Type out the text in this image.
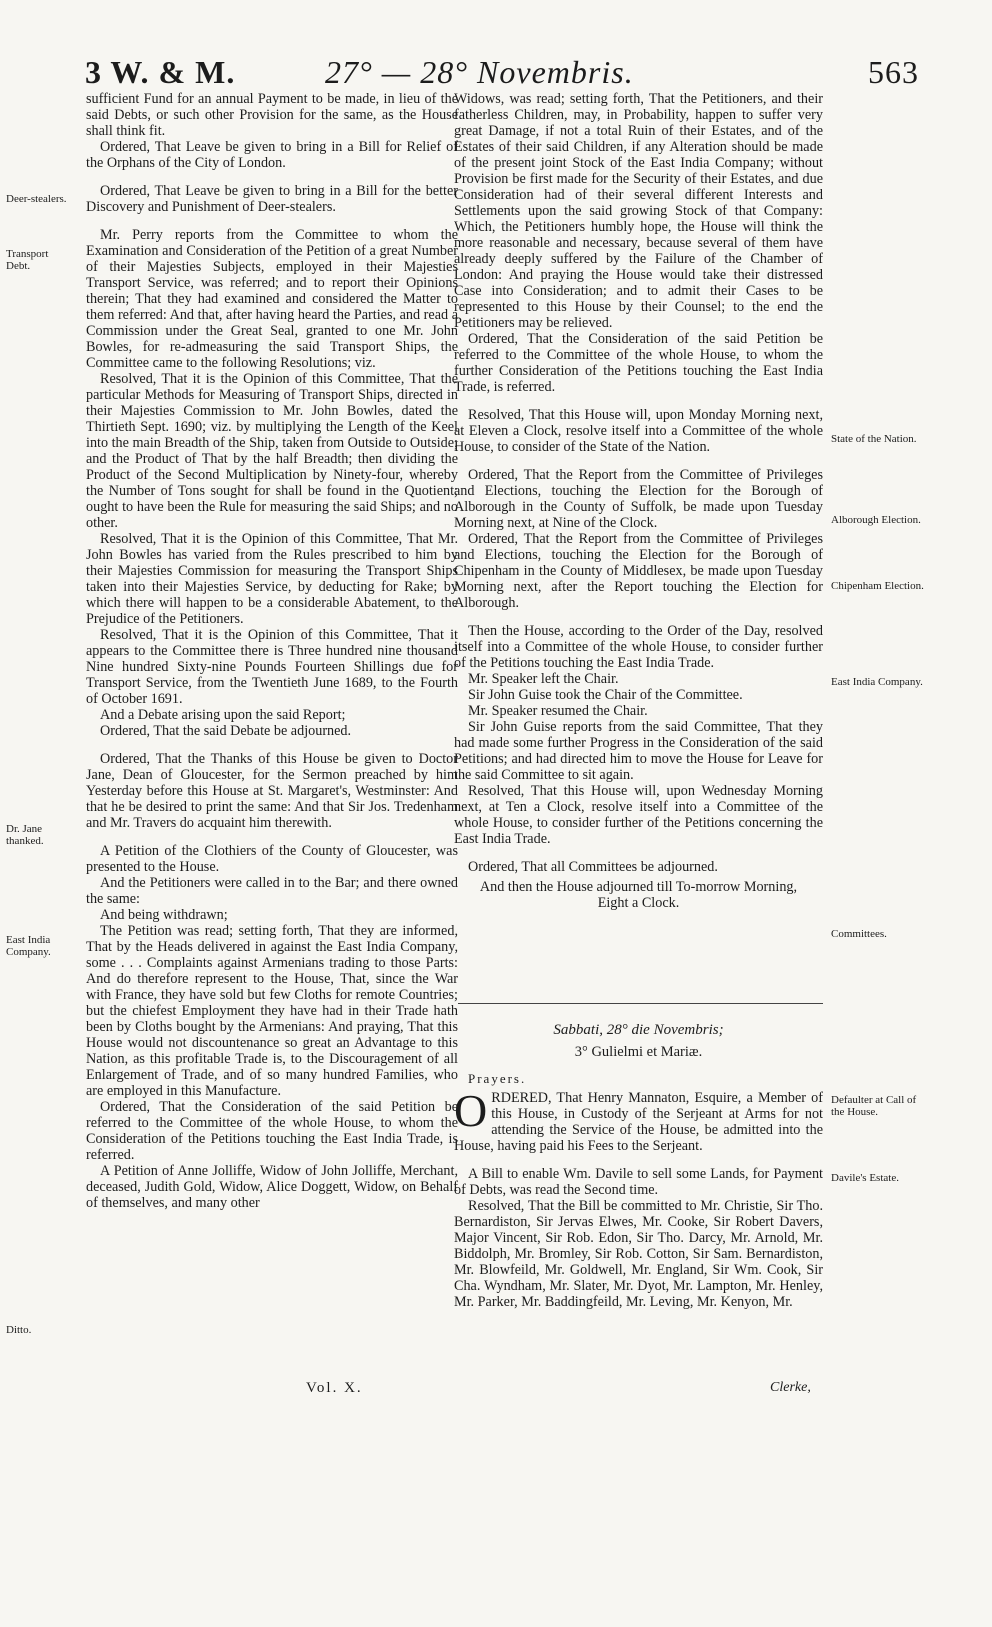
3 W. & M.	27° — 28° Novembris.	563
Deer-stealers.
Transport Debt.
Dr. Jane thanked.
East India Company.
Ditto.
State of the Nation.
Alborough Election.
Chipenham Election.
East India Company.
Committees.
Defaulter at Call of the House.
Davile's Estate.

sufficient Fund for an annual Payment to be made, in lieu of the said Debts, or such other Provision for the same, as the House shall think fit.

Ordered, That Leave be given to bring in a Bill for Relief of the Orphans of the City of London.

Ordered, That Leave be given to bring in a Bill for the better Discovery and Punishment of Deer-stealers.

Mr. Perry reports from the Committee to whom the Examination and Consideration of the Petition of a great Number of their Majesties Subjects, employed in their Majesties Transport Service, was referred; and to report their Opinions therein; That they had examined and considered the Matter to them referred: And that, after having heard the Parties, and read a Commission under the Great Seal, granted to one Mr. John Bowles, for re-admeasuring the said Transport Ships, the Committee came to the following Resolutions; viz.

Resolved, That it is the Opinion of this Committee, That the particular Methods for Measuring of Transport Ships, directed in their Majesties Commission to Mr. John Bowles, dated the Thirtieth Sept. 1690; viz. by multiplying the Length of the Keel into the main Breadth of the Ship, taken from Outside to Outside; and the Product of That by the half Breadth; then dividing the Product of the Second Multiplication by Ninety-four, whereby the Number of Tons sought for shall be found in the Quotient; ought to have been the Rule for measuring the said Ships; and no other.

Resolved, That it is the Opinion of this Committee, That Mr. John Bowles has varied from the Rules prescribed to him by their Majesties Commission for measuring the Transport Ships taken into their Majesties Service, by deducting for Rake; by which there will happen to be a considerable Abatement, to the Prejudice of the Petitioners.

Resolved, That it is the Opinion of this Committee, That it appears to the Committee there is Three hundred nine thousand Nine hundred Sixty-nine Pounds Fourteen Shillings due for Transport Service, from the Twentieth June 1689, to the Fourth of October 1691.

And a Debate arising upon the said Report;

Ordered, That the said Debate be adjourned.

Ordered, That the Thanks of this House be given to Doctor Jane, Dean of Gloucester, for the Sermon preached by him Yesterday before this House at St. Margaret's, Westminster: And that he be desired to print the same: And that Sir Jos. Tredenham and Mr. Travers do acquaint him therewith.

A Petition of the Clothiers of the County of Gloucester, was presented to the House.

And the Petitioners were called in to the Bar; and there owned the same:

And being withdrawn;

The Petition was read; setting forth, That they are informed, That by the Heads delivered in against the East India Company, some . . . Complaints against Armenians trading to those Parts: And do therefore represent to the House, That, since the War with France, they have sold but few Cloths for remote Countries; but the chiefest Employment they have had in their Trade hath been by Cloths bought by the Armenians: And praying, That this House would not discountenance so great an Advantage to this Nation, as this profitable Trade is, to the Discouragement of all Enlargement of Trade, and of so many hundred Families, who are employed in this Manufacture.

Ordered, That the Consideration of the said Petition be referred to the Committee of the whole House, to whom the Consideration of the Petitions touching the East India Trade, is referred.

A Petition of Anne Jolliffe, Widow of John Jolliffe, Merchant, deceased, Judith Gold, Widow, Alice Doggett, Widow, on Behalf of themselves, and many other

Widows, was read; setting forth, That the Petitioners, and their fatherless Children, may, in Probability, happen to suffer very great Damage, if not a total Ruin of their Estates, and of the Estates of their said Children, if any Alteration should be made of the present joint Stock of the East India Company; without Provision be first made for the Security of their Estates, and due Consideration had of their several different Interests and Settlements upon the said growing Stock of that Company: Which, the Petitioners humbly hope, the House will think the more reasonable and necessary, because several of them have already deeply suffered by the Failure of the Chamber of London: And praying the House would take their distressed Case into Consideration; and to admit their Cases to be represented to this House by their Counsel; to the end the Petitioners may be relieved.

Ordered, That the Consideration of the said Petition be referred to the Committee of the whole House, to whom the further Consideration of the Petitions touching the East India Trade, is referred.

Resolved, That this House will, upon Monday Morning next, at Eleven a Clock, resolve itself into a Committee of the whole House, to consider of the State of the Nation.

Ordered, That the Report from the Committee of Privileges and Elections, touching the Election for the Borough of Alborough in the County of Suffolk, be made upon Tuesday Morning next, at Nine of the Clock.

Ordered, That the Report from the Committee of Privileges and Elections, touching the Election for the Borough of Chipenham in the County of Middlesex, be made upon Tuesday Morning next, after the Report touching the Election for Alborough.

Then the House, according to the Order of the Day, resolved itself into a Committee of the whole House, to consider further of the Petitions touching the East India Trade.

Mr. Speaker left the Chair.

Sir John Guise took the Chair of the Committee.

Mr. Speaker resumed the Chair.

Sir John Guise reports from the said Committee, That they had made some further Progress in the Consideration of the said Petitions; and had directed him to move the House for Leave for the said Committee to sit again.

Resolved, That this House will, upon Wednesday Morning next, at Ten a Clock, resolve itself into a Committee of the whole House, to consider further of the Petitions concerning the East India Trade.

Ordered, That all Committees be adjourned.

And then the House adjourned till To-morrow Morning, Eight a Clock.

Sabbati, 28° die Novembris;
3° Gulielmi et Mariæ.
Prayers.

ORDERED, That Henry Mannaton, Esquire, a Member of this House, in Custody of the Serjeant at Arms for not attending the Service of the House, be admitted into the House, having paid his Fees to the Serjeant.

A Bill to enable Wm. Davile to sell some Lands, for Payment of Debts, was read the Second time.

Resolved, That the Bill be committed to Mr. Christie, Sir Tho. Bernardiston, Sir Jervas Elwes, Mr. Cooke, Sir Robert Davers, Major Vincent, Sir Rob. Edon, Sir Tho. Darcy, Mr. Arnold, Mr. Biddolph, Mr. Bromley, Sir Rob. Cotton, Sir Sam. Bernardiston, Mr. Blowfeild, Mr. Goldwell, Mr. England, Sir Wm. Cook, Sir Cha. Wyndham, Mr. Slater, Mr. Dyot, Mr. Lampton, Mr. Henley, Mr. Parker, Mr. Baddingfeild, Mr. Leving, Mr. Kenyon, Mr.

Vol. X.	Clerke,
